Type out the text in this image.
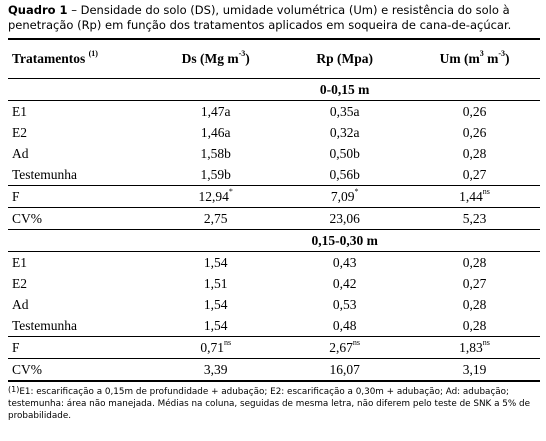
Quadro 1 – Densidade do solo (DS), umidade volumétrica (Um) e resistência do solo à penetração (Rp) em função dos tratamentos aplicados em soqueira de cana-de-açúcar.
Tratamentos $^{(1)}$	Ds (Mg $m^{-3}$)	Rp (Mpa)	Um ($m^3$ $m^{-3}$)
		0-0,15 m	
E1	1,47a	0,35a	0,26
E2	1,46a	0,32a	0,26
Ad	1,58b	0,50b	0,28
Testemunha	1,59b	0,56b	0,27
F	12,94*	7,09*	$1,44^{ns}$
CV%	2,75	23,06	5,23
		0,15-0,30 m	
E1	1,54	0,43	0,28
E2	1,51	0,42	0,27
Ad	1,54	0,53	0,28
Testemunha	1,54	0,48	0,28
F	$0,71^{ns}$	$2,67^{ns}$	$1,83^{ns}$
CV%	3,39	16,07	3,19
$^{(1)}$E1: escarificação a 0,15m de profundidade + adubação; E2: escarificação a 0,30m + adubação; Ad: adubação; testemunha: área não manejada. Médias na coluna, seguidas de mesma letra, não diferem pelo teste de SNK a 5% de probabilidade.
